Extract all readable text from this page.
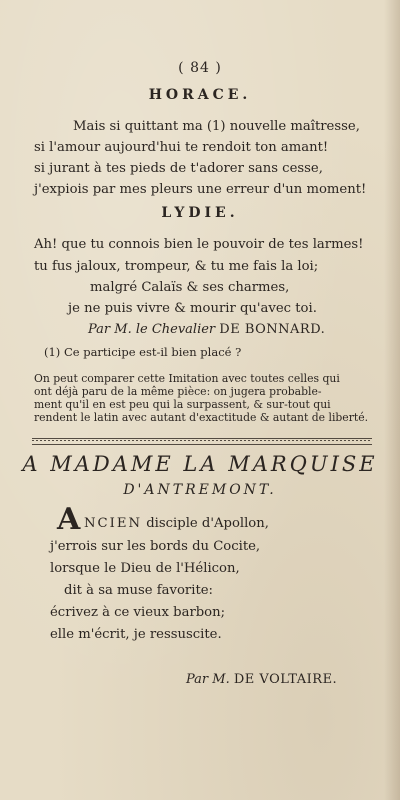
( 84 )
HORACE.
Mais si quittant ma (1) nouvelle maîtresse,
si l'amour aujourd'hui te rendoit ton amant!
si jurant à tes pieds de t'adorer sans cesse,
j'expiois par mes pleurs une erreur d'un moment!
LYDIE.
Ah! que tu connois bien le pouvoir de tes larmes!
tu fus jaloux, trompeur, & tu me fais la loi;
malgré Calaïs & ses charmes,
je ne puis vivre & mourir qu'avec toi.
Par M. le Chevalier DE BONNARD.
(1) Ce participe est-il bien placé ?
On peut comparer cette Imitation avec toutes celles qui
ont déjà paru de la même pièce: on jugera probable-
ment qu'il en est peu qui la surpassent, & sur-tout qui
rendent le latin avec autant d'exactitude & autant de liberté.
A MADAME LA MARQUISE
D'ANTREMONT.
A NCIEN disciple d'Apollon,
j'errois sur les bords du Cocite,
lorsque le Dieu de l'Hélicon,
dit à sa muse favorite:
écrivez à ce vieux barbon;
elle m'écrit, je ressuscite.
Par M. DE VOLTAIRE.
